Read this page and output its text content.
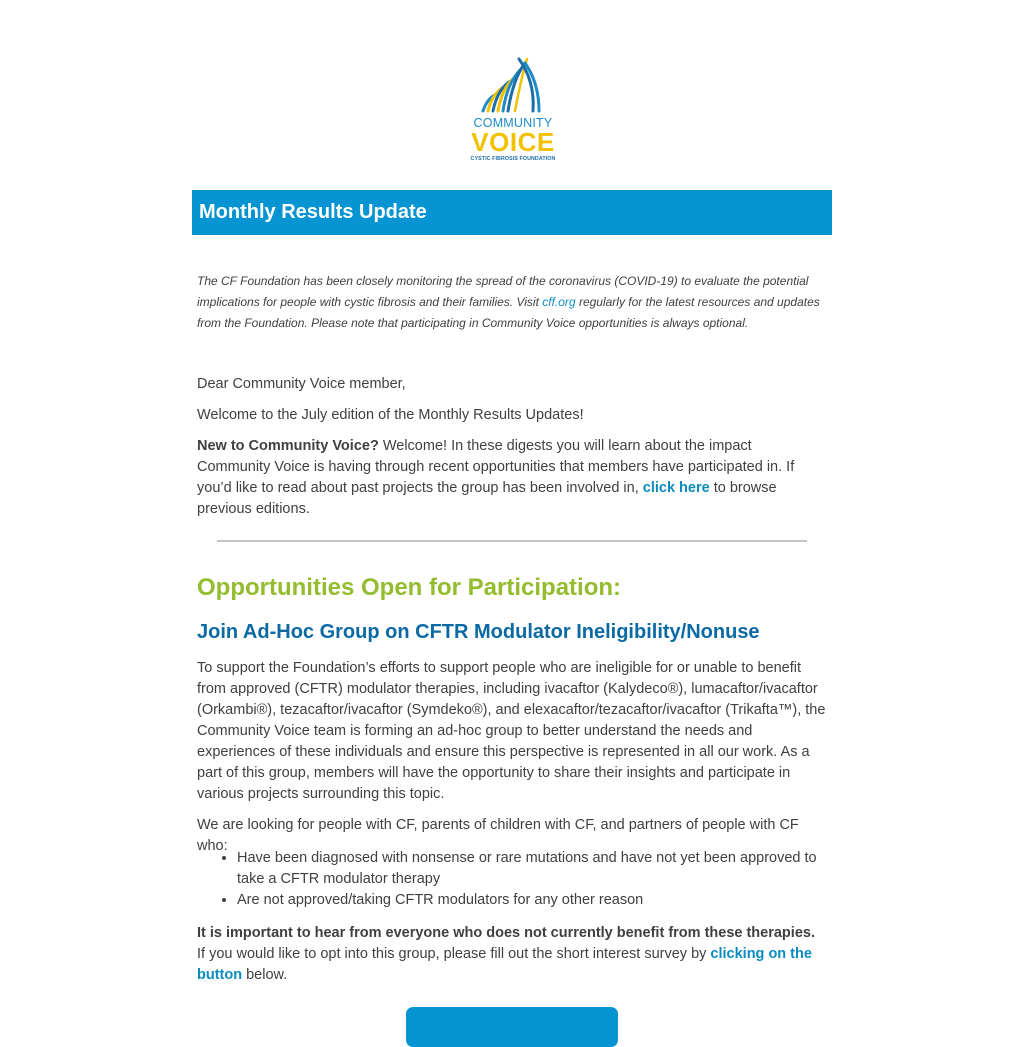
COMMUNITY
VOICE
CYSTIC FIBROSIS FOUNDATION
Monthly Results Update

The CF Foundation has been closely monitoring the spread of the coronavirus (COVID-19) to evaluate the potential implications for people with cystic fibrosis and their families. Visit cff.org regularly for the latest resources and updates from the Foundation. Please note that participating in Community Voice opportunities is always optional.

Dear Community Voice member,

Welcome to the July edition of the Monthly Results Updates!

New to Community Voice? Welcome! In these digests you will learn about the impact Community Voice is having through recent opportunities that members have participated in. If you’d like to read about past projects the group has been involved in, click here to browse previous editions.

Opportunities Open for Participation:
Join Ad-Hoc Group on CFTR Modulator Ineligibility/Nonuse

To support the Foundation’s efforts to support people who are ineligible for or unable to benefit from approved (CFTR) modulator therapies, including ivacaftor (Kalydeco®), lumacaftor/ivacaftor (Orkambi®), tezacaftor/ivacaftor (Symdeko®), and elexacaftor/tezacaftor/ivacaftor (Trikafta™), the Community Voice team is forming an ad-hoc group to better understand the needs and experiences of these individuals and ensure this perspective is represented in all our work. As a part of this group, members will have the opportunity to share their insights and participate in various projects surrounding this topic.

We are looking for people with CF, parents of children with CF, and partners of people with CF who:

• Have been diagnosed with nonsense or rare mutations and have not yet been approved to take a CFTR modulator therapy
• Are not approved/taking CFTR modulators for any other reason

It is important to hear from everyone who does not currently benefit from these therapies. If you would like to opt into this group, please fill out the short interest survey by clicking on the button below.
